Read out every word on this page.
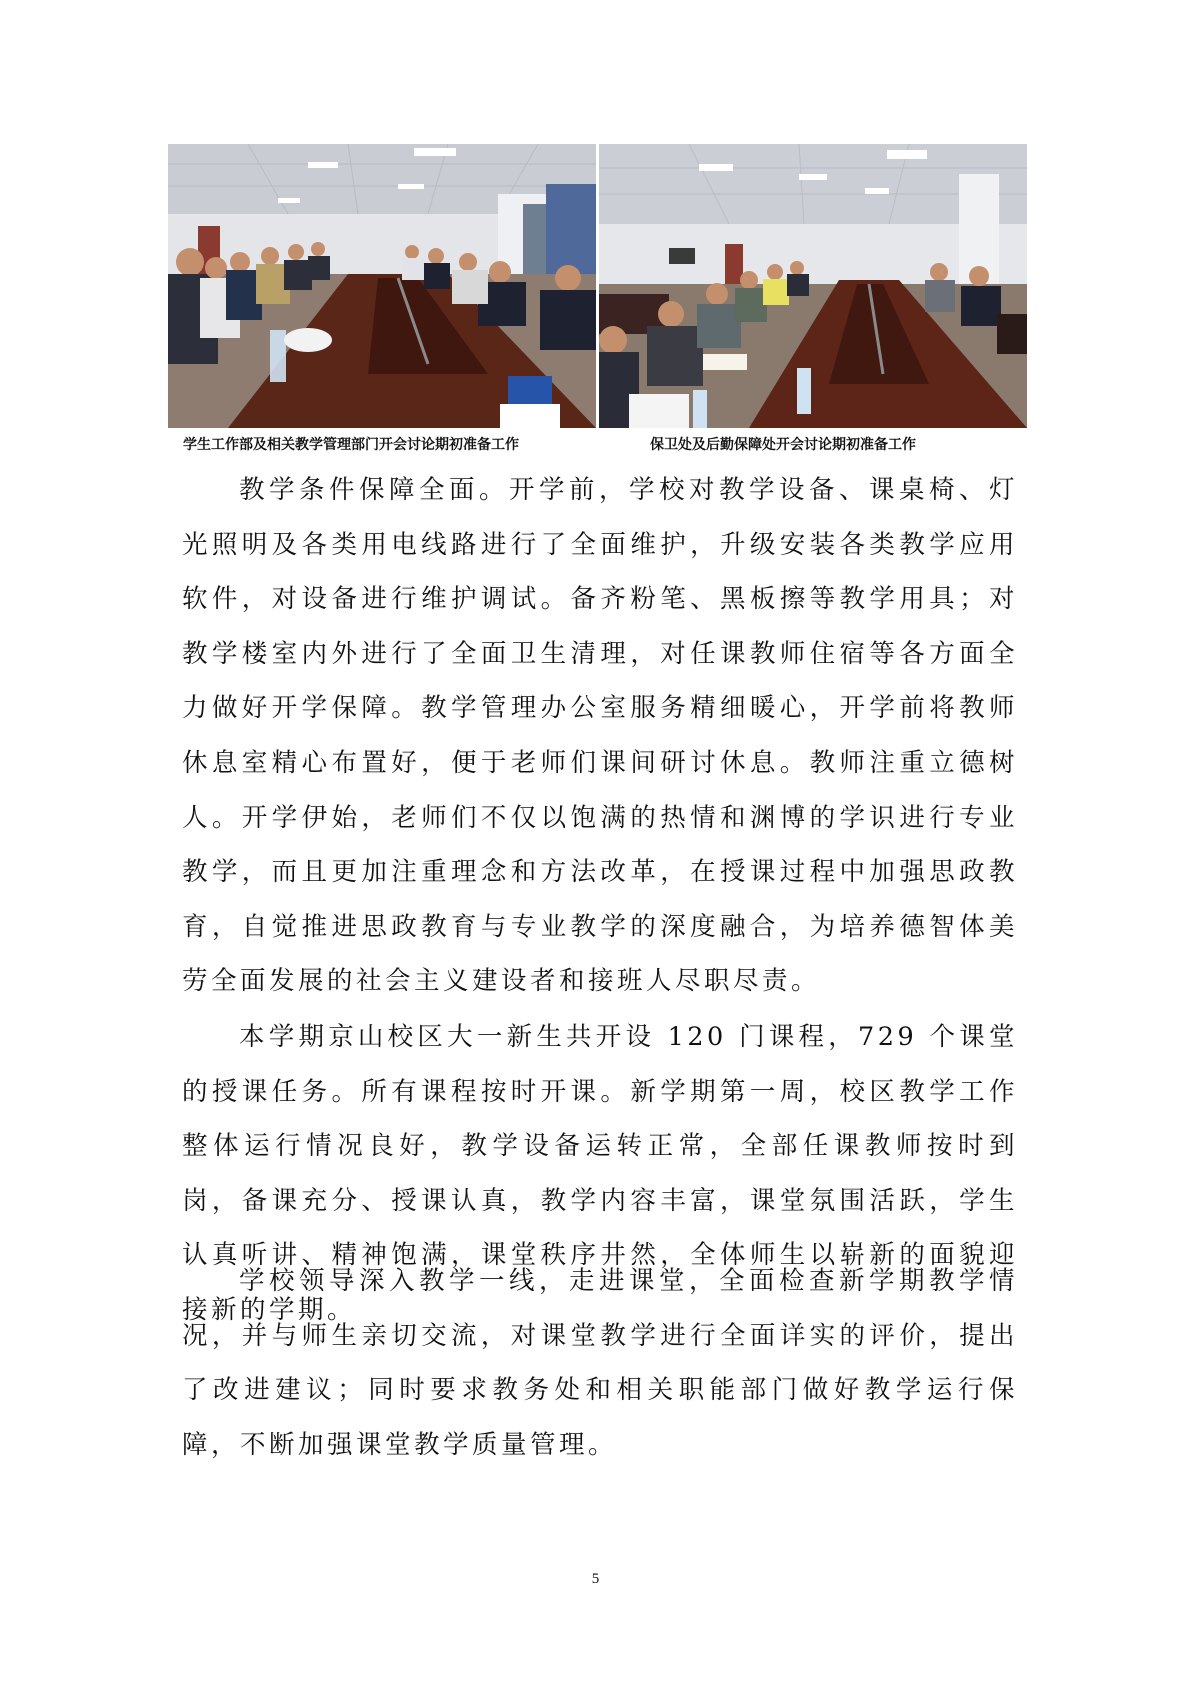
学生工作部及相关教学管理部门开会讨论期初准备工作	保卫处及后勤保障处开会讨论期初准备工作

教学条件保障全面。开学前，学校对教学设备、课桌椅、灯光照明及各类用电线路进行了全面维护，升级安装各类教学应用软件，对设备进行维护调试。备齐粉笔、黑板擦等教学用具；对教学楼室内外进行了全面卫生清理，对任课教师住宿等各方面全力做好开学保障。教学管理办公室服务精细暖心，开学前将教师休息室精心布置好，便于老师们课间研讨休息。教师注重立德树人。开学伊始，老师们不仅以饱满的热情和渊博的学识进行专业教学，而且更加注重理念和方法改革，在授课过程中加强思政教育，自觉推进思政教育与专业教学的深度融合，为培养德智体美劳全面发展的社会主义建设者和接班人尽职尽责。

本学期京山校区大一新生共开设 120 门课程，729 个课堂的授课任务。所有课程按时开课。新学期第一周，校区教学工作整体运行情况良好，教学设备运转正常，全部任课教师按时到岗，备课充分、授课认真，教学内容丰富，课堂氛围活跃，学生认真听讲、精神饱满，课堂秩序井然，全体师生以崭新的面貌迎接新的学期。

学校领导深入教学一线，走进课堂，全面检查新学期教学情况，并与师生亲切交流，对课堂教学进行全面详实的评价，提出了改进建议；同时要求教务处和相关职能部门做好教学运行保障，不断加强课堂教学质量管理。

5
